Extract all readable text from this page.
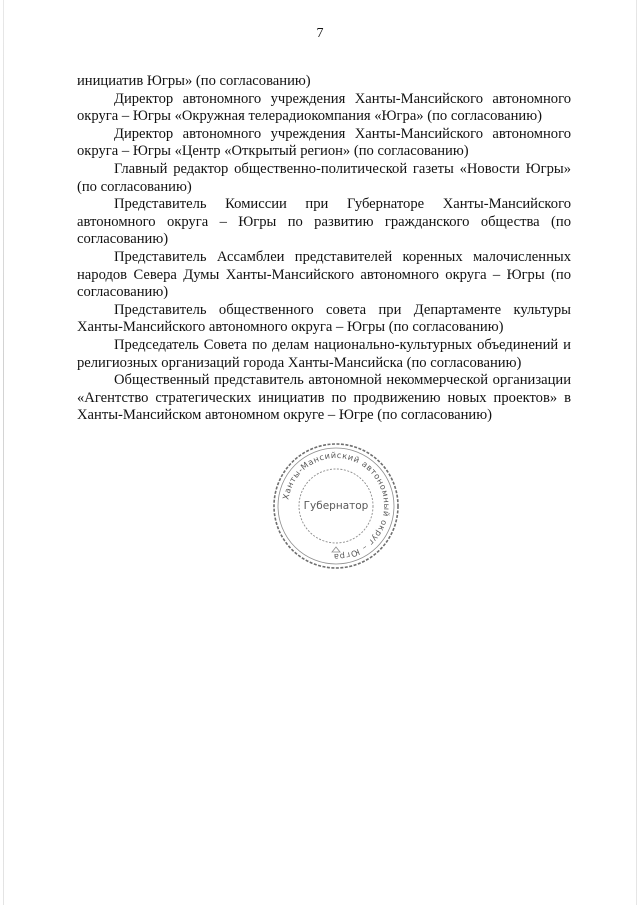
7

инициатив Югры» (по согласованию)

Директор автономного учреждения Ханты-Мансийского автономного округа – Югры «Окружная телерадиокомпания «Югра» (по согласованию)

Директор автономного учреждения Ханты-Мансийского автономного округа – Югры «Центр «Открытый регион» (по согласованию)

Главный редактор общественно-политической газеты «Новости Югры» (по согласованию)

Представитель Комиссии при Губернаторе Ханты-Мансийского автономного округа – Югры по развитию гражданского общества (по согласованию)

Представитель Ассамблеи представителей коренных малочисленных народов Севера Думы Ханты-Мансийского автономного округа – Югры (по согласованию)

Представитель общественного совета при Департаменте культуры Ханты-Мансийского автономного округа – Югры (по согласованию)

Председатель Совета по делам национально-культурных объединений и религиозных организаций города Ханты-Мансийска (по согласованию)

Общественный представитель автономной некоммерческой организации «Агентство стратегических инициатив по продвижению новых проектов» в Ханты-Мансийском автономном округе – Югре (по согласованию)

Ханты-Мансийский автономный округ – Югра
Губернатор
